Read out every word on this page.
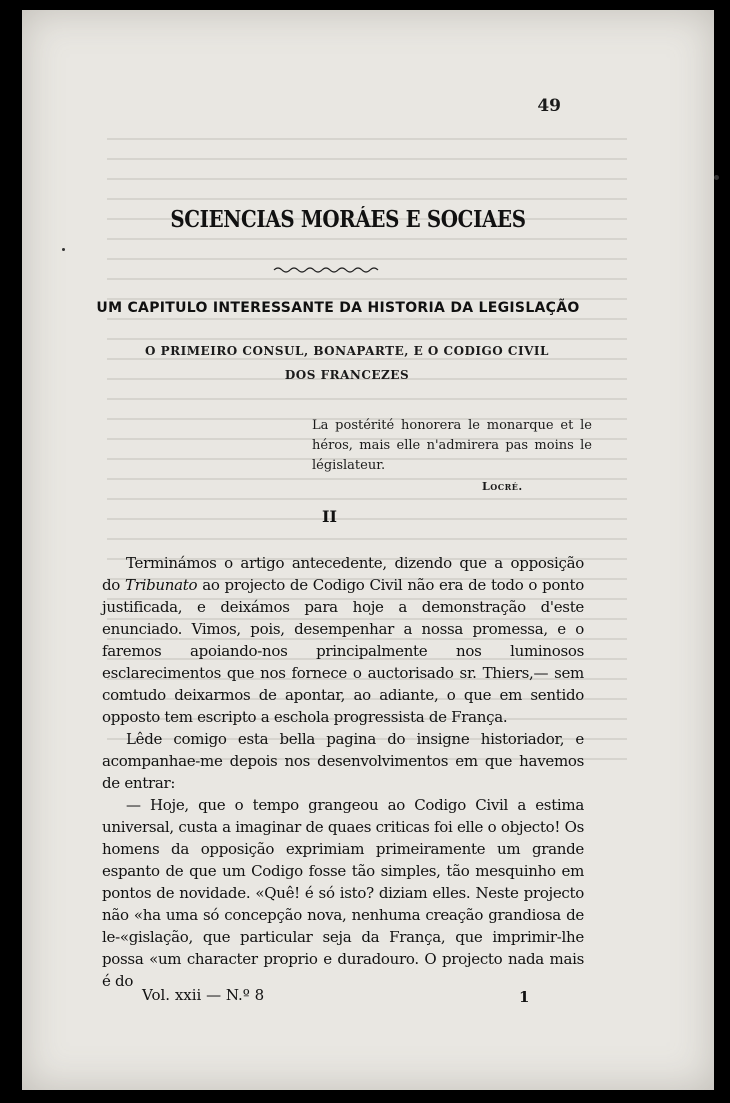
49
SCIENCIAS MORÁES E SOCIAES
UM CAPITULO INTERESSANTE DA HISTORIA DA LEGISLAÇÃO
O PRIMEIRO CONSUL, BONAPARTE, E O CODIGO CIVIL
DOS FRANCEZES
La postérité honorera le monarque et le héros, mais elle n'admirera pas moins le législateur.
Locré.
II

Terminámos o artigo antecedente, dizendo que a opposição do Tribunato ao projecto de Codigo Civil não era de todo o ponto justificada, e deixámos para hoje a demonstração d'este enunciado. Vimos, pois, desempenhar a nossa promessa, e o faremos apoiando-nos principalmente nos luminosos esclarecimentos que nos fornece o auctorisado sr. Thiers,— sem comtudo deixarmos de apontar, ao adiante, o que em sentido opposto tem escripto a eschola progressista de França.

Lêde comigo esta bella pagina do insigne historiador, e acompanhae-me depois nos desenvolvimentos em que havemos de entrar:

— Hoje, que o tempo grangeou ao Codigo Civil a estima universal, custa a imaginar de quaes criticas foi elle o objecto! Os homens da opposição exprimiam primeiramente um grande espanto de que um Codigo fosse tão simples, tão mesquinho em pontos de novidade. «Quê! é só isto? diziam elles. Neste projecto não «ha uma só concepção nova, nenhuma creação grandiosa de le-«gislação, que particular seja da França, que imprimir-lhe possa «um character proprio e duradouro. O projecto nada mais é do

Vol. xxii — N.º 8	1
